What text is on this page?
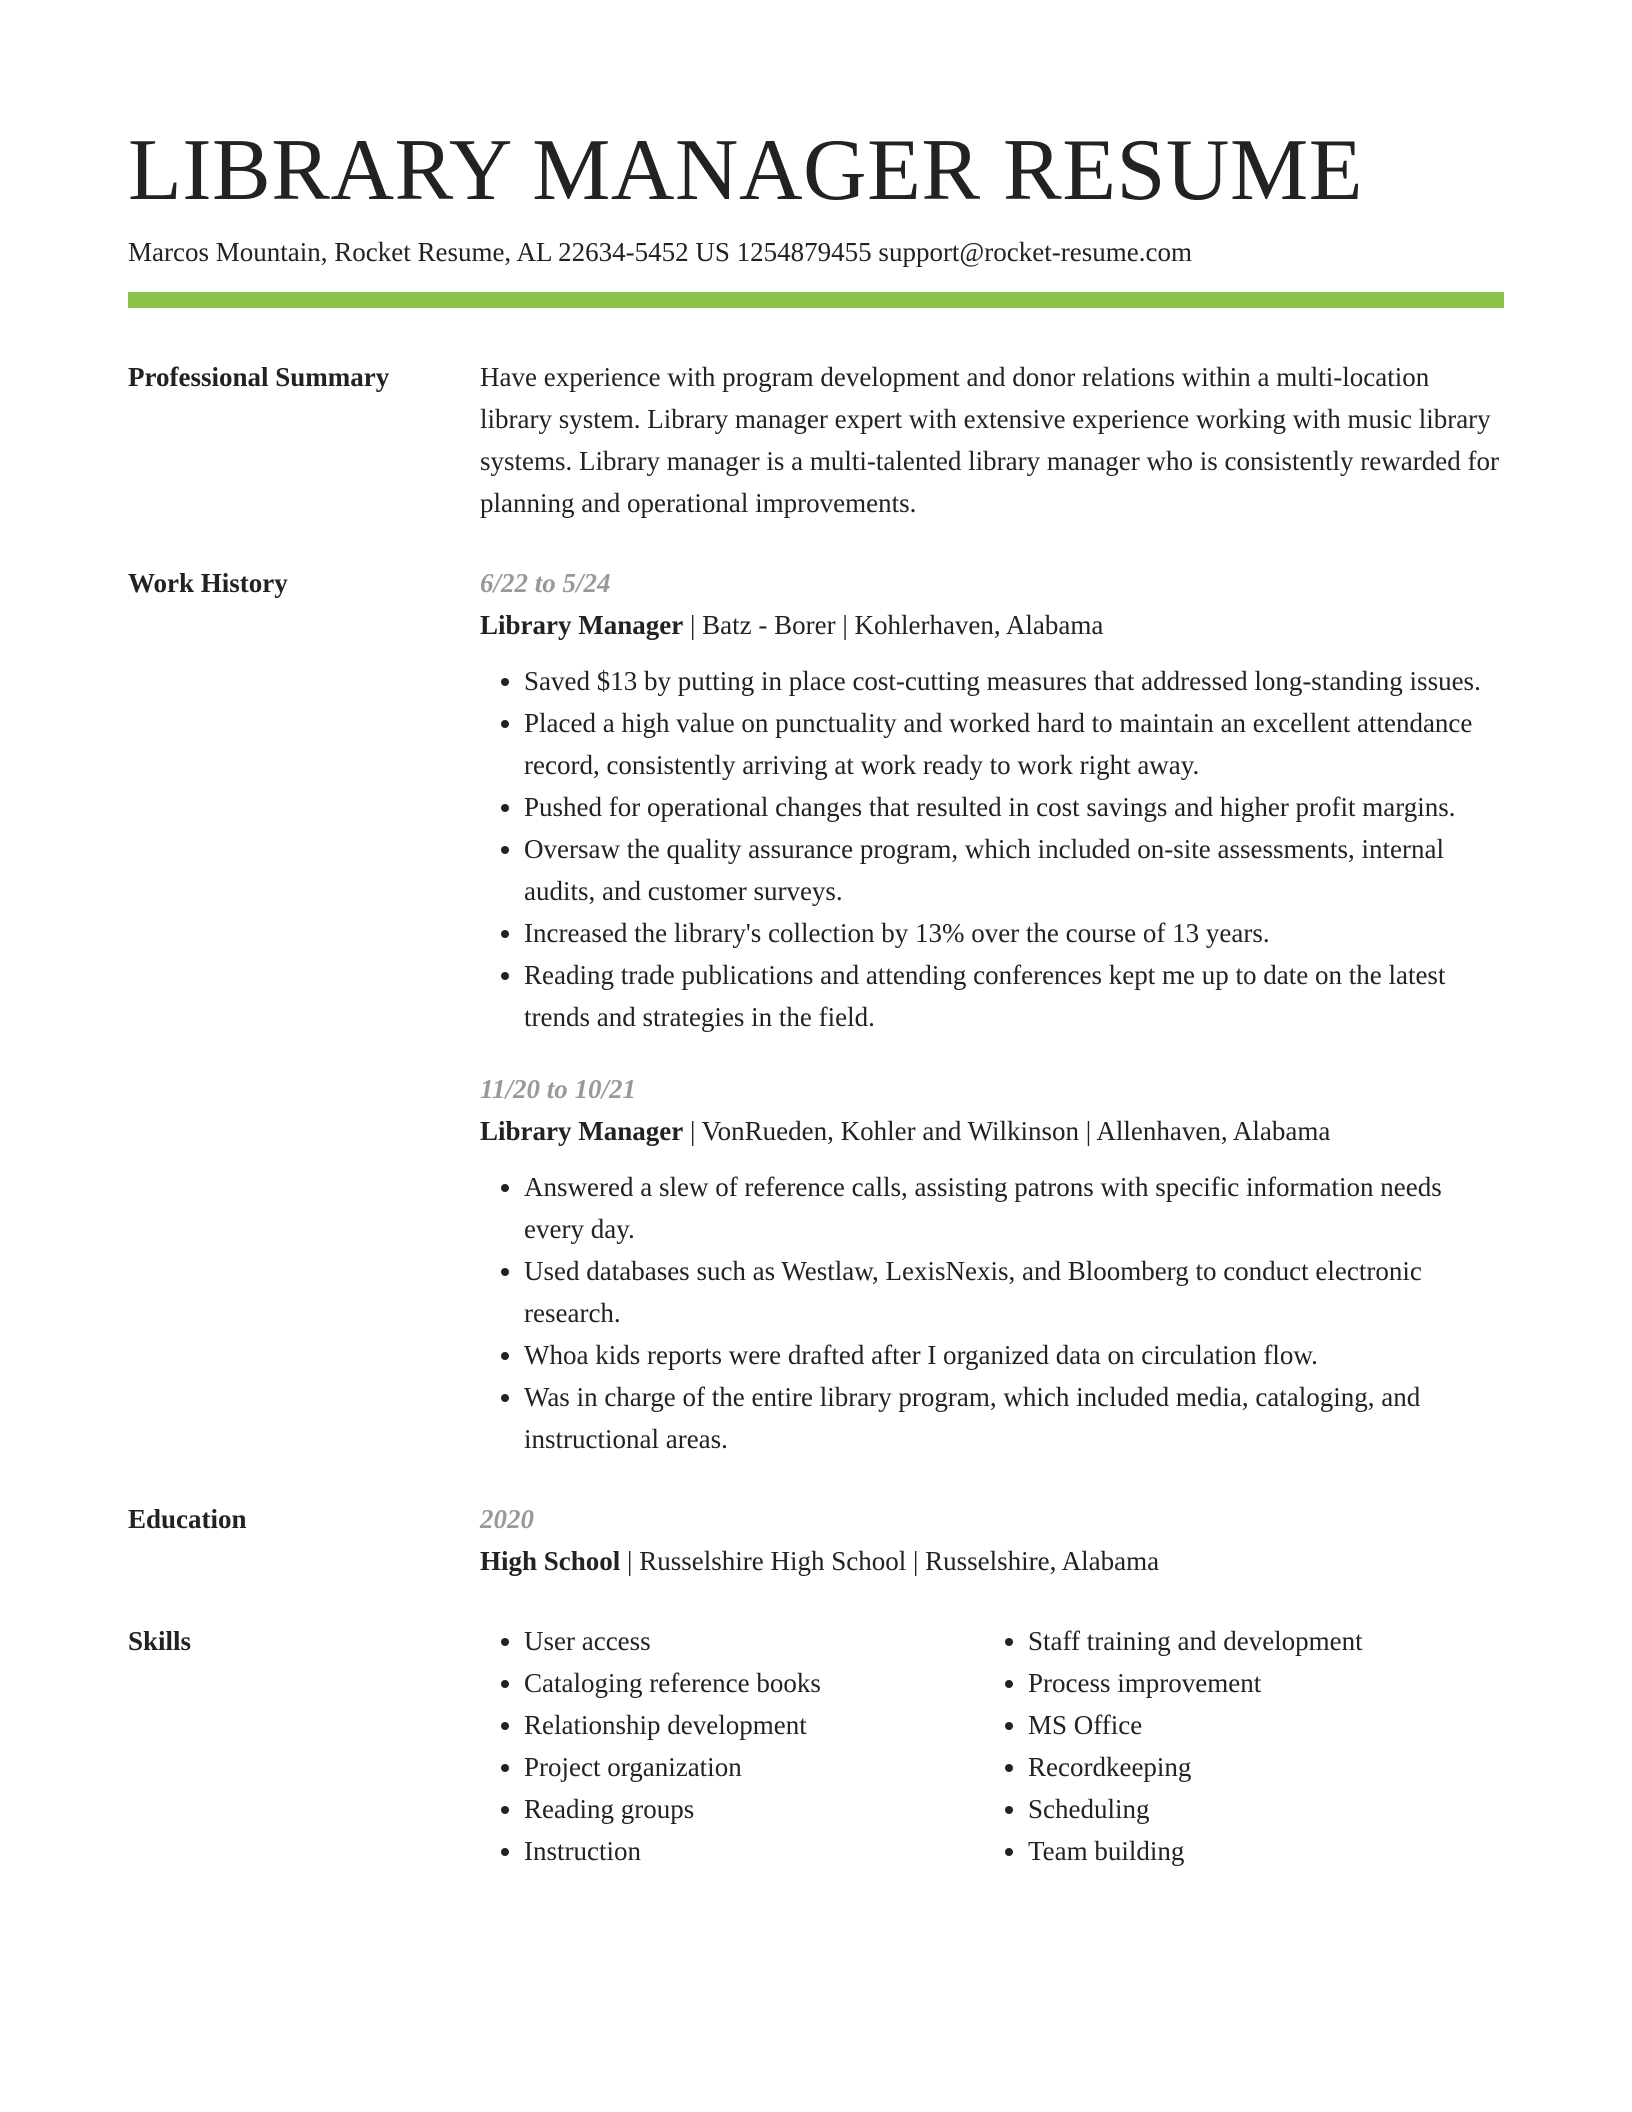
LIBRARY MANAGER RESUME
Marcos Mountain, Rocket Resume, AL 22634-5452 US 1254879455 support@rocket-resume.com
Professional Summary	Have experience with program development and donor relations within a multi-location library system. Library manager expert with extensive experience working with music library systems. Library manager is a multi-talented library manager who is consistently rewarded for planning and operational improvements.
Work History	6/22 to 5/24
Library Manager | Batz - Borer | Kohlerhaven, Alabama
• Saved $13 by putting in place cost-cutting measures that addressed long-standing issues.
• Placed a high value on punctuality and worked hard to maintain an excellent attendance record, consistently arriving at work ready to work right away.
• Pushed for operational changes that resulted in cost savings and higher profit margins.
• Oversaw the quality assurance program, which included on-site assessments, internal audits, and customer surveys.
• Increased the library's collection by 13% over the course of 13 years.
• Reading trade publications and attending conferences kept me up to date on the latest trends and strategies in the field.
11/20 to 10/21
Library Manager | VonRueden, Kohler and Wilkinson | Allenhaven, Alabama
• Answered a slew of reference calls, assisting patrons with specific information needs every day.
• Used databases such as Westlaw, LexisNexis, and Bloomberg to conduct electronic research.
• Whoa kids reports were drafted after I organized data on circulation flow.
• Was in charge of the entire library program, which included media, cataloging, and instructional areas.
Education	2020
High School | Russelshire High School | Russelshire, Alabama
Skills
•	User access
• Cataloging reference books
• Relationship development
• Project organization
• Reading groups
• Instruction
• Staff training and development
• Process improvement
• MS Office
• Recordkeeping
• Scheduling
• Team building
